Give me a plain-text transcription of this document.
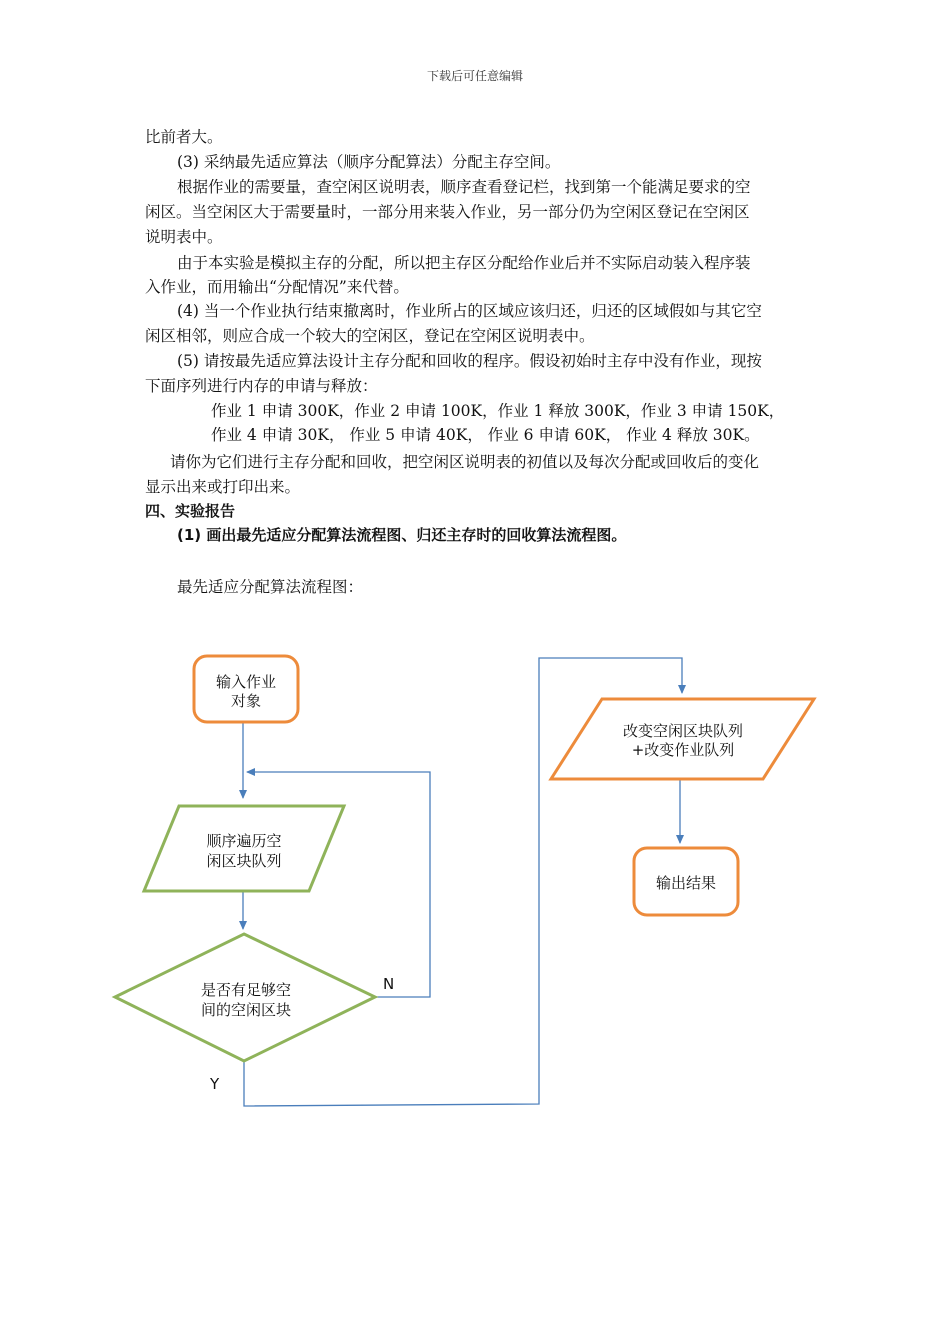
下载后可任意编辑
比前者大。
(3) 采纳最先适应算法（顺序分配算法）分配主存空间。
根据作业的需要量，查空闲区说明表，顺序查看登记栏，找到第一个能满足要求的空
闲区。当空闲区大于需要量时，一部分用来装入作业，另一部分仍为空闲区登记在空闲区
说明表中。
由于本实验是模拟主存的分配，所以把主存区分配给作业后并不实际启动装入程序装
入作业，而用输出“分配情况”来代替。
(4) 当一个作业执行结束撤离时，作业所占的区域应该归还，归还的区域假如与其它空
闲区相邻，则应合成一个较大的空闲区，登记在空闲区说明表中。
(5) 请按最先适应算法设计主存分配和回收的程序。假设初始时主存中没有作业，现按
下面序列进行内存的申请与释放：
作业 1 申请 300K，作业 2 申请 100K，作业 1 释放 300K，作业 3 申请 150K，
作业 4 申请 30K， 作业 5 申请 40K， 作业 6 申请 60K， 作业 4 释放 30K。
请你为它们进行主存分配和回收，把空闲区说明表的初值以及每次分配或回收后的变化
显示出来或打印出来。
四、实验报告
(1) 画出最先适应分配算法流程图、归还主存时的回收算法流程图。
最先适应分配算法流程图：
输入作业
对象
顺序遍历空
闲区块队列
是否有足够空
间的空闲区块
N
Y
改变空闲区块队列
+改变作业队列
输出结果
